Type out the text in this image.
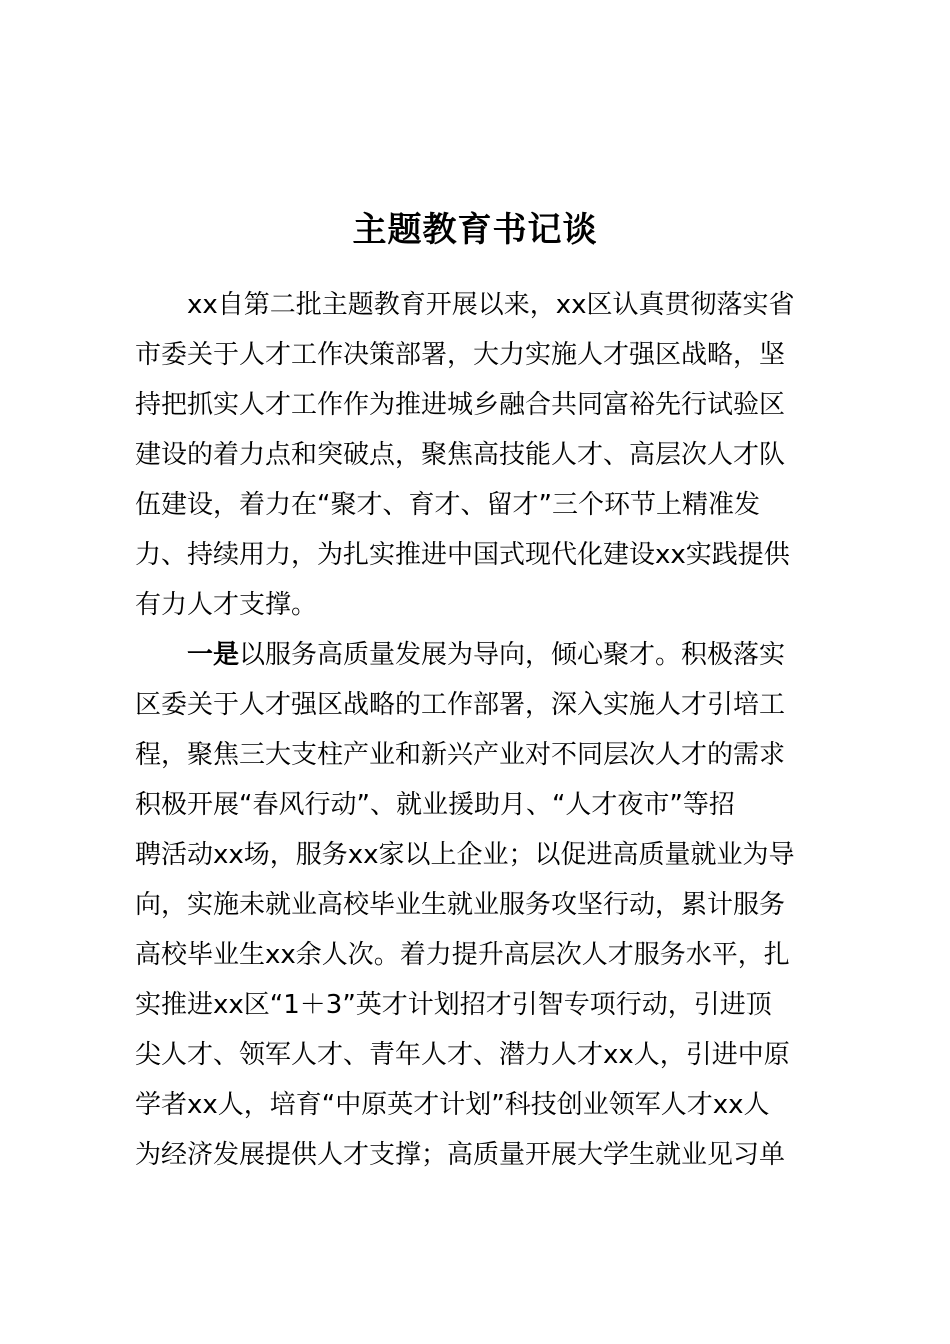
主题教育书记谈
xx自第二批主题教育开展以来，xx区认真贯彻落实省
市委关于人才工作决策部署，大力实施人才强区战略，坚
持把抓实人才工作作为推进城乡融合共同富裕先行试验区
建设的着力点和突破点，聚焦高技能人才、高层次人才队
伍建设，着力在“聚才、育才、留才”三个环节上精准发
力、持续用力，为扎实推进中国式现代化建设xx实践提供
有力人才支撑。
一是以服务高质量发展为导向，倾心聚才。积极落实
区委关于人才强区战略的工作部署，深入实施人才引培工
程，聚焦三大支柱产业和新兴产业对不同层次人才的需求
积极开展“春风行动”、就业援助月、“人才夜市”等招
聘活动xx场，服务xx家以上企业；以促进高质量就业为导
向，实施未就业高校毕业生就业服务攻坚行动，累计服务
高校毕业生xx余人次。着力提升高层次人才服务水平，扎
实推进xx区“1＋3”英才计划招才引智专项行动，引进顶
尖人才、领军人才、青年人才、潜力人才xx人，引进中原
学者xx人，培育“中原英才计划”科技创业领军人才xx人
为经济发展提供人才支撑；高质量开展大学生就业见习单
